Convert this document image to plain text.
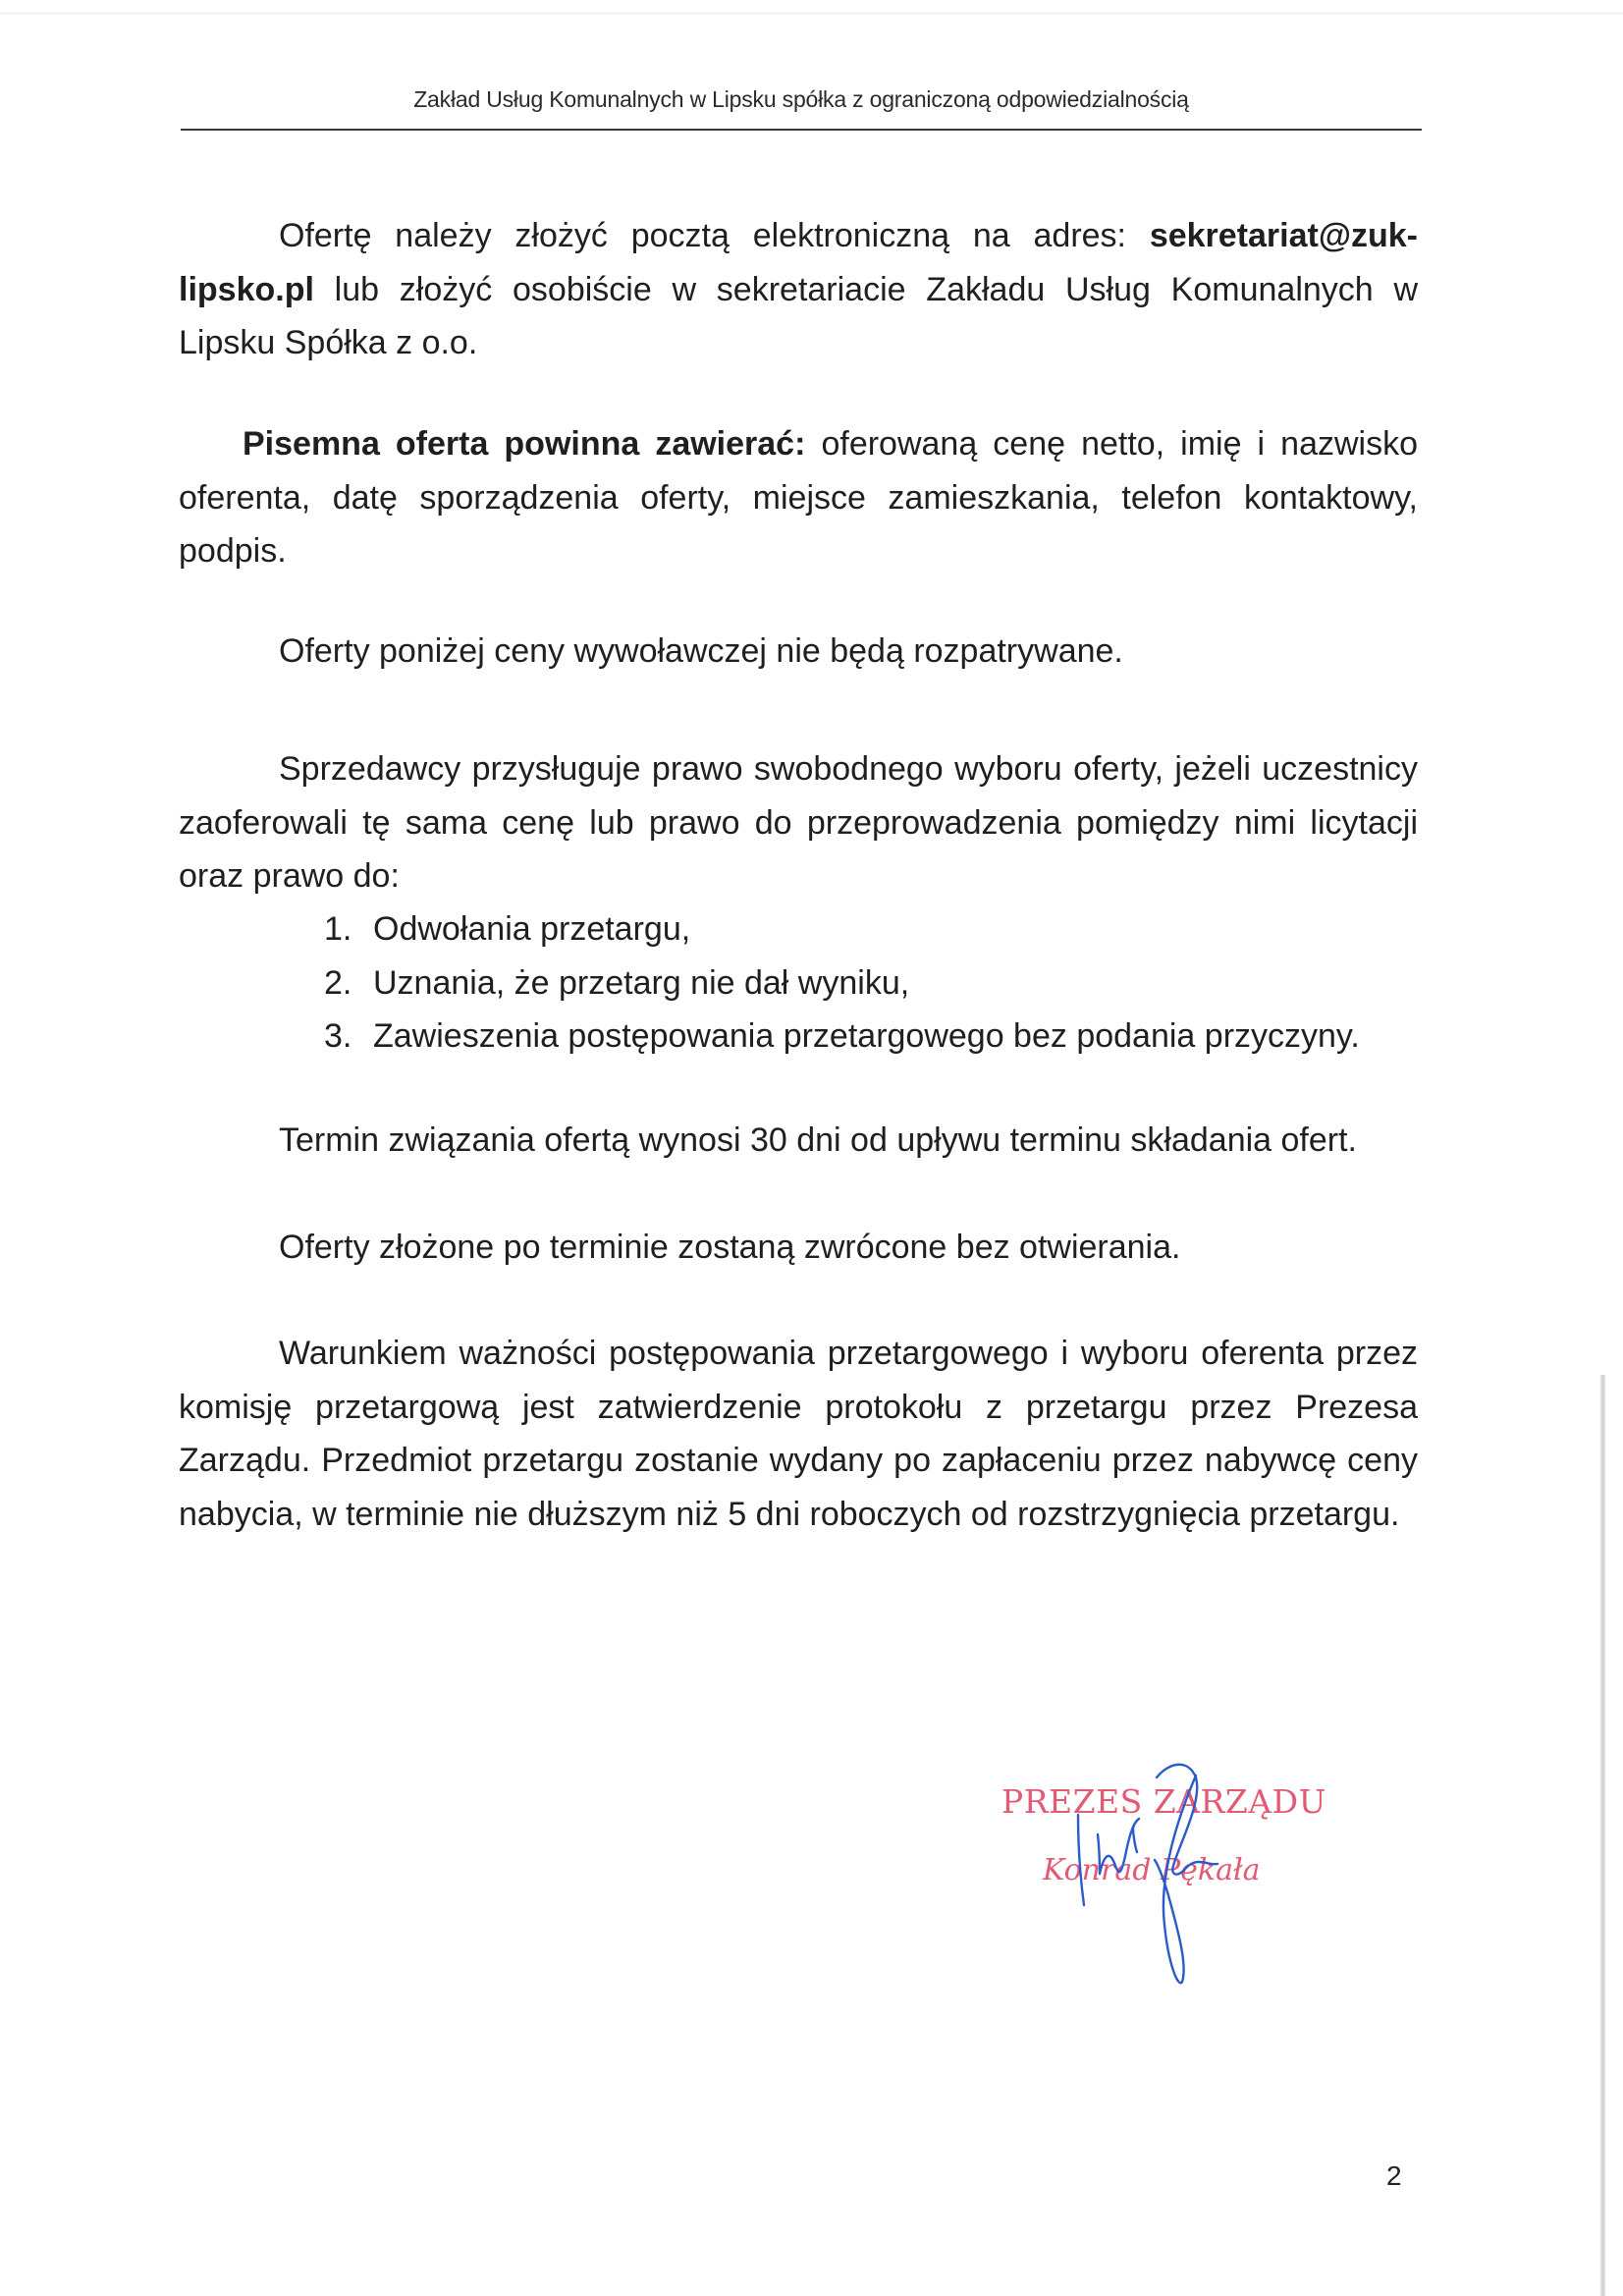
Zakład Usług Komunalnych w Lipsku spółka z ograniczoną odpowiedzialnością

Ofertę należy złożyć pocztą elektroniczną na adres: sekretariat@zuk-lipsko.pl lub złożyć osobiście w sekretariacie Zakładu Usług Komunalnych w Lipsku Spółka z o.o.

Pisemna oferta powinna zawierać: oferowaną cenę netto, imię i nazwisko oferenta, datę sporządzenia oferty, miejsce zamieszkania, telefon kontaktowy, podpis.

Oferty poniżej ceny wywoławczej nie będą rozpatrywane.

Sprzedawcy przysługuje prawo swobodnego wyboru oferty, jeżeli uczestnicy zaoferowali tę sama cenę lub prawo do przeprowadzenia pomiędzy nimi licytacji oraz prawo do:

1. Odwołania przetargu,
2. Uznania, że przetarg nie dał wyniku,
3. Zawieszenia postępowania przetargowego bez podania przyczyny.

Termin związania ofertą wynosi 30 dni od upływu terminu składania ofert.

Oferty złożone po terminie zostaną zwrócone bez otwierania.

Warunkiem ważności postępowania przetargowego i wyboru oferenta przez komisję przetargową jest zatwierdzenie protokołu z przetargu przez Prezesa Zarządu. Przedmiot przetargu zostanie wydany po zapłaceniu przez nabywcę ceny nabycia, w terminie nie dłuższym niż 5 dni roboczych od rozstrzygnięcia przetargu.

PREZES ZARZĄDU
Konrad Pękała
2
